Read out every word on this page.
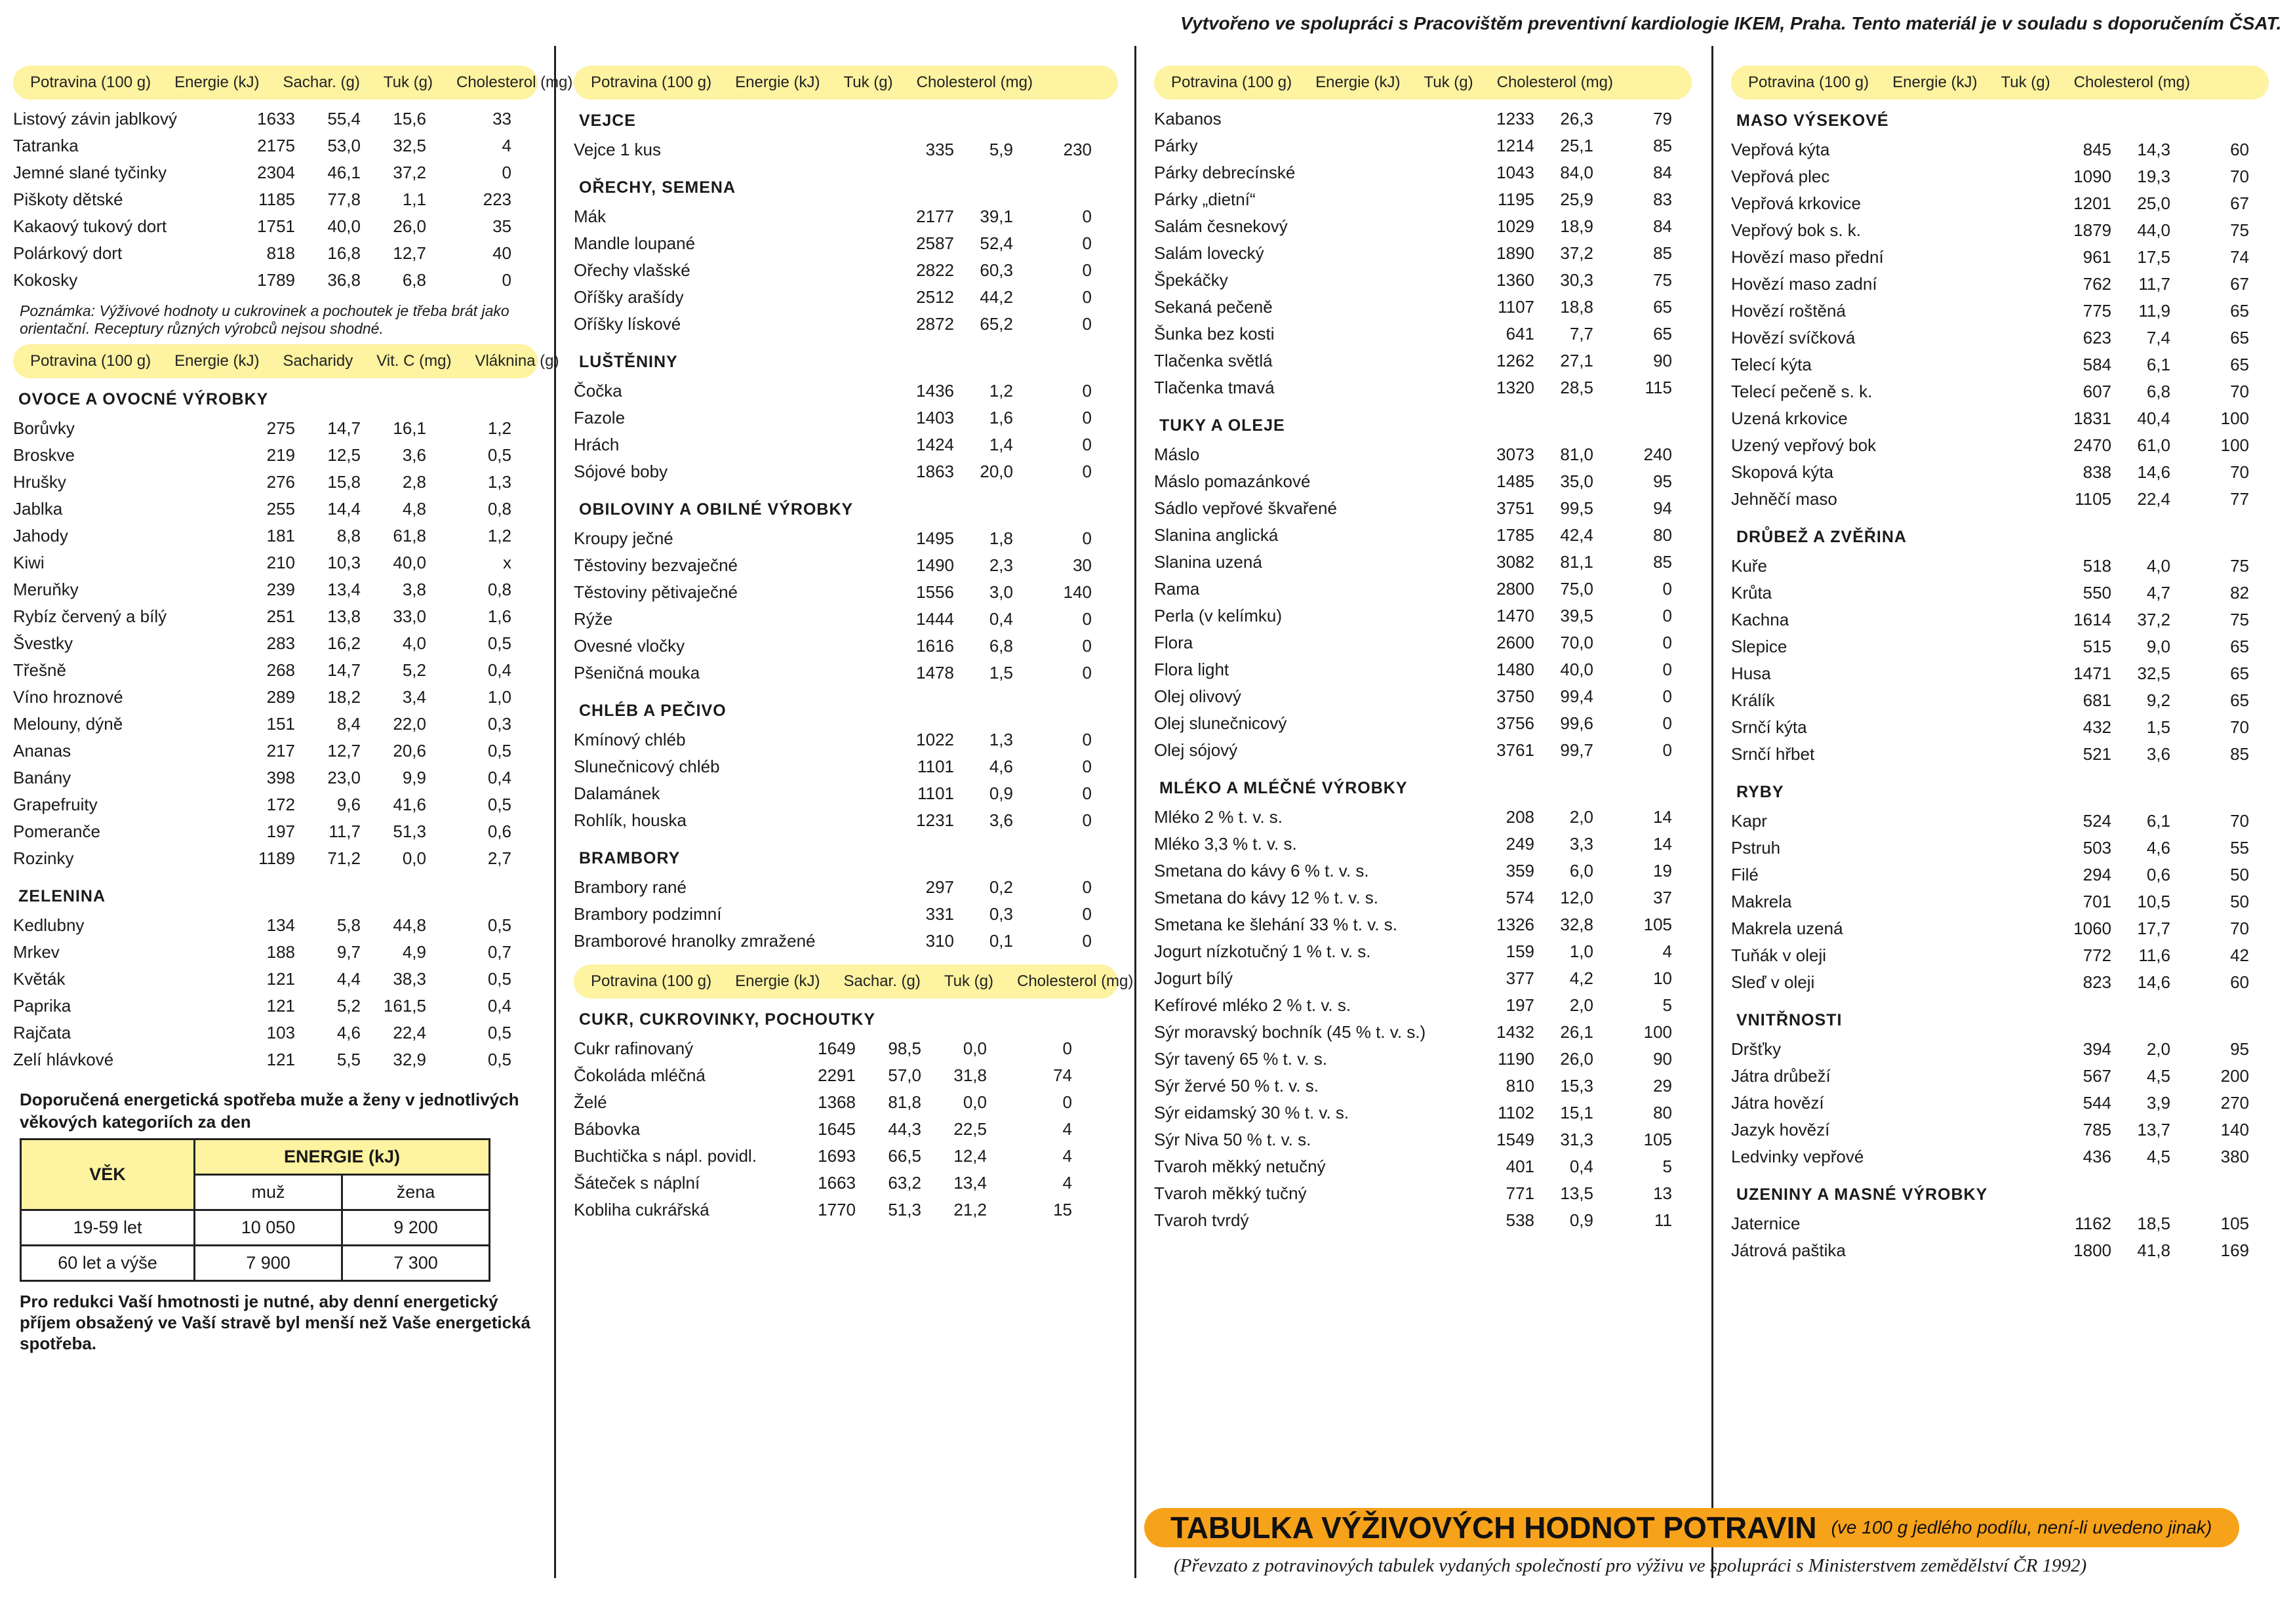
Vytvořeno ve spolupráci s Pracovištěm preventivní kardiologie IKEM, Praha. Tento materiál je v souladu s doporučením ČSAT.
Potravina (100 g) Energie (kJ) Tuk (g) Cholesterol (mg)
MASO VÝSEKOVÉ
Vepřová kýta	845	14,3	60
Vepřová plec	1090	19,3	70
Vepřová krkovice	1201	25,0	67
Vepřový bok s. k.	1879	44,0	75
Hovězí maso přední	961	17,5	74
Hovězí maso zadní	762	11,7	67
Hovězí roštěná	775	11,9	65
Hovězí svíčková	623	7,4	65
Telecí kýta	584	6,1	65
Telecí pečeně s. k.	607	6,8	70
Uzená krkovice	1831	40,4	100
Uzený vepřový bok	2470	61,0	100
Skopová kýta	838	14,6	70
Jehněčí maso	1105	22,4	77
DRŮBEŽ A ZVĚŘINA
Kuře	518	4,0	75
Krůta	550	4,7	82
Kachna	1614	37,2	75
Slepice	515	9,0	65
Husa	1471	32,5	65
Králík	681	9,2	65
Srnčí kýta	432	1,5	70
Srnčí hřbet	521	3,6	85
RYBY
Kapr	524	6,1	70
Pstruh	503	4,6	55
Filé	294	0,6	50
Makrela	701	10,5	50
Makrela uzená	1060	17,7	70
Tuňák v oleji	772	11,6	42
Sleď v oleji	823	14,6	60
VNITŘNOSTI
Dršťky	394	2,0	95
Játra drůbeží	567	4,5	200
Játra hovězí	544	3,9	270
Jazyk hovězí	785	13,7	140
Ledvinky vepřové	436	4,5	380
UZENINY A MASNÉ VÝROBKY
Jaternice	1162	18,5	105
Játrová paštika	1800	41,8	169
Potravina (100 g) Energie (kJ) Tuk (g) Cholesterol (mg)
Kabanos	1233	26,3	79
Párky	1214	25,1	85
Párky debrecínské	1043	84,0	84
Párky „dietní“	1195	25,9	83
Salám česnekový	1029	18,9	84
Salám lovecký	1890	37,2	85
Špekáčky	1360	30,3	75
Sekaná pečeně	1107	18,8	65
Šunka bez kosti	641	7,7	65
Tlačenka světlá	1262	27,1	90
Tlačenka tmavá	1320	28,5	115
TUKY A OLEJE
Máslo	3073	81,0	240
Máslo pomazánkové	1485	35,0	95
Sádlo vepřové škvařené	3751	99,5	94
Slanina anglická	1785	42,4	80
Slanina uzená	3082	81,1	85
Rama	2800	75,0	0
Perla (v kelímku)	1470	39,5	0
Flora	2600	70,0	0
Flora light	1480	40,0	0
Olej olivový	3750	99,4	0
Olej slunečnicový	3756	99,6	0
Olej sójový	3761	99,7	0
MLÉKO A MLÉČNÉ VÝROBKY
Mléko 2 % t. v. s.	208	2,0	14
Mléko 3,3 % t. v. s.	249	3,3	14
Smetana do kávy 6 % t. v. s.	359	6,0	19
Smetana do kávy 12 % t. v. s.	574	12,0	37
Smetana ke šlehání 33 % t. v. s.	1326	32,8	105
Jogurt nízkotučný 1 % t. v. s.	159	1,0	4
Jogurt bílý	377	4,2	10
Kefírové mléko 2 % t. v. s.	197	2,0	5
Sýr moravský bochník (45 % t. v. s.)	1432	26,1	100
Sýr tavený 65 % t. v. s.	1190	26,0	90
Sýr žervé 50 % t. v. s.	810	15,3	29
Sýr eidamský 30 % t. v. s.	1102	15,1	80
Sýr Niva 50 % t. v. s.	1549	31,3	105
Tvaroh měkký netučný	401	0,4	5
Tvaroh měkký tučný	771	13,5	13
Tvaroh tvrdý	538	0,9	11
Potravina (100 g) Energie (kJ) Tuk (g) Cholesterol (mg)
VEJCE
Vejce 1 kus	335	5,9	230
OŘECHY, SEMENA
Mák	2177	39,1	0
Mandle loupané	2587	52,4	0
Ořechy vlašské	2822	60,3	0
Oříšky arašídy	2512	44,2	0
Oříšky lískové	2872	65,2	0
LUŠTĚNINY
Čočka	1436	1,2	0
Fazole	1403	1,6	0
Hrách	1424	1,4	0
Sójové boby	1863	20,0	0
OBILOVINY A OBILNÉ VÝROBKY
Kroupy ječné	1495	1,8	0
Těstoviny bezvaječné	1490	2,3	30
Těstoviny pětivaječné	1556	3,0	140
Rýže	1444	0,4	0
Ovesné vločky	1616	6,8	0
Pšeničná mouka	1478	1,5	0
CHLÉB A PEČIVO
Kmínový chléb	1022	1,3	0
Slunečnicový chléb	1101	4,6	0
Dalamánek	1101	0,9	0
Rohlík, houska	1231	3,6	0
BRAMBORY
Brambory rané	297	0,2	0
Brambory podzimní	331	0,3	0
Bramborové hranolky zmražené	310	0,1	0
Potravina (100 g) Energie (kJ) Sachar. (g) Tuk (g) Cholesterol (mg)
CUKR, CUKROVINKY, POCHOUTKY
Cukr rafinovaný	1649	98,5	0,0	0
Čokoláda mléčná	2291	57,0	31,8	74
Želé	1368	81,8	0,0	0
Bábovka	1645	44,3	22,5	4
Buchtička s nápl. povidl.	1693	66,5	12,4	4
Šáteček s náplní	1663	63,2	13,4	4
Kobliha cukrářská	1770	51,3	21,2	15
Potravina (100 g) Energie (kJ) Sachar. (g) Tuk (g) Cholesterol (mg)
Listový závin jablkový	1633	55,4	15,6	33
Tatranka	2175	53,0	32,5	4
Jemné slané tyčinky	2304	46,1	37,2	0
Piškoty dětské	1185	77,8	1,1	223
Kakaový tukový dort	1751	40,0	26,0	35
Polárkový dort	818	16,8	12,7	40
Kokosky	1789	36,8	6,8	0
Poznámka: Výživové hodnoty u cukrovinek a pochoutek je třeba brát jako orientační. Receptury různých výrobců nejsou shodné.
Potravina (100 g) Energie (kJ) Sacharidy Vit. C (mg) Vláknina (g)
OVOCE A OVOCNÉ VÝROBKY
Borůvky	275	14,7	16,1	1,2
Broskve	219	12,5	3,6	0,5
Hrušky	276	15,8	2,8	1,3
Jablka	255	14,4	4,8	0,8
Jahody	181	8,8	61,8	1,2
Kiwi	210	10,3	40,0	x
Meruňky	239	13,4	3,8	0,8
Rybíz červený a bílý	251	13,8	33,0	1,6
Švestky	283	16,2	4,0	0,5
Třešně	268	14,7	5,2	0,4
Víno hroznové	289	18,2	3,4	1,0
Melouny, dýně	151	8,4	22,0	0,3
Ananas	217	12,7	20,6	0,5
Banány	398	23,0	9,9	0,4
Grapefruity	172	9,6	41,6	0,5
Pomeranče	197	11,7	51,3	0,6
Rozinky	1189	71,2	0,0	2,7
ZELENINA
Kedlubny	134	5,8	44,8	0,5
Mrkev	188	9,7	4,9	0,7
Květák	121	4,4	38,3	0,5
Paprika	121	5,2	161,5	0,4
Rajčata	103	4,6	22,4	0,5
Zelí hlávkové	121	5,5	32,9	0,5
Doporučená energetická spotřeba muže a ženy v jednotlivých věkových kategoriích za den
VĚK	ENERGIE (kJ)	
	muž	žena
19-59 let	10 050	9 200
60 let a výše	7 900	7 300
Pro redukci Vaší hmotnosti je nutné, aby denní energetický příjem obsažený ve Vaší stravě byl menší než Vaše energetická spotřeba.
TABULKA VÝŽIVOVÝCH HODNOT POTRAVIN (ve 100 g jedlého podílu, není-li uvedeno jinak)
(Převzato z potravinových tabulek vydaných společností pro výživu ve spolupráci s Ministerstvem zemědělství ČR 1992)
